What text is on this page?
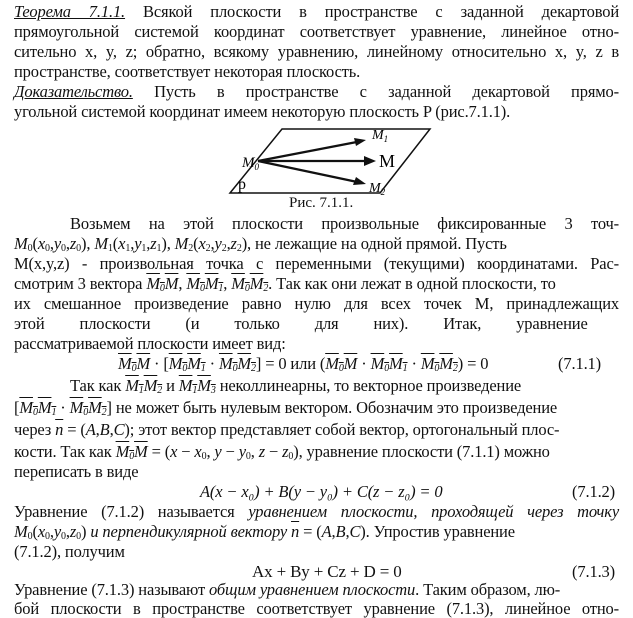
Теорема 7.1.1. Всякой плоскости в пространстве с заданной декартовой
прямоугольной системой координат соответствует уравнение, линейное отно-
сительно x, y, z; обратно, всякому уравнению, линейному относительно x, y, z в
пространстве, соответствует некоторая плоскость.
Доказательство. Пусть в пространстве с заданной декартовой прямо-
угольной системой координат имеем некоторую плоскость P (рис.7.1.1).
$M_0$
$M_1$
M
$M_2$
p
Рис. 7.1.1.
Возьмем на этой плоскости произвольные фиксированные 3 точ-
$M_0(x_0,y_0,z_0)$, $M_1(x_1,y_1,z_1)$, $M_2(x_2,y_2,z_2)$, не лежащие на одной прямой. Пусть
M(x,y,z) - произвольная точка с переменными (текущими) координатами. Рас-
смотрим 3 вектора $M_0M$, $M_0M_1$, $M_0M_2$. Так как они лежат в одной плоскости, то
их смешанное произведение равно нулю для всех точек M, принадлежащих
этой плоскости (и только для них). Итак, уравнение
рассматриваемой плоскости имеет вид:
$M_0M \cdot [M_0M_1 \cdot M_0M_2] = 0$ или $(M_0M \cdot M_0M_1 \cdot M_0M_2) = 0$	(7.1.1)
Так как $M_1M_2$ и $M_1M_3$ неколлинеарны, то векторное произведение
$[M_0M_1 \cdot M_0M_2]$ не может быть нулевым вектором. Обозначим это произведение
через $\overline{n} = (A,B,C)$; этот вектор представляет собой вектор, ортогональный плос-
кости. Так как $M_0M = (x - x_0$, $y - y_0$, $z - z_0$), уравнение плоскости (7.1.1) можно
переписать в виде
A(x − x₀) + B(y − y₀) + C(z − z₀) = 0	(7.1.2)
Уравнение (7.1.2) называется уравнением плоскости, проходящей через точку
$M_0(x_0,y_0,z_0)$ и перпендикулярной вектору $\overline{n} = (A,B,C)$. Упростив уравнение
(7.1.2), получим
Ax + By + Cz + D = 0	(7.1.3)
Уравнение (7.1.3) называют общим уравнением плоскости. Таким образом, лю-
бой плоскости в пространстве соответствует уравнение (7.1.3), линейное отно-
